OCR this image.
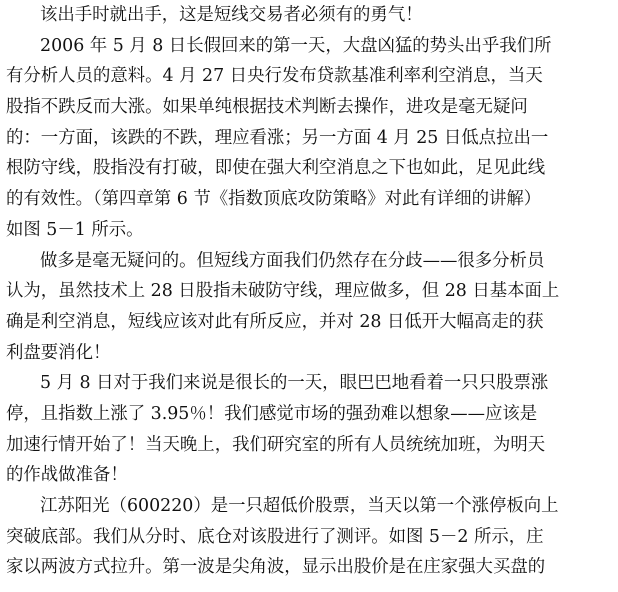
该出手时就出手，这是短线交易者必须有的勇气！
2006 年 5 月 8 日长假回来的第一天，大盘凶猛的势头出乎我们所
有分析人员的意料。4 月 27 日央行发布贷款基准利率利空消息，当天
股指不跌反而大涨。如果单纯根据技术判断去操作，进攻是毫无疑问
的：一方面，该跌的不跌，理应看涨；另一方面 4 月 25 日低点拉出一
根防守线，股指没有打破，即使在强大利空消息之下也如此，足见此线
的有效性。（第四章第 6 节《指数顶底攻防策略》对此有详细的讲解）
如图 5－1 所示。
做多是毫无疑问的。但短线方面我们仍然存在分歧——很多分析员
认为，虽然技术上 28 日股指未破防守线，理应做多，但 28 日基本面上
确是利空消息，短线应该对此有所反应，并对 28 日低开大幅高走的获
利盘要消化！
5 月 8 日对于我们来说是很长的一天，眼巴巴地看着一只只股票涨
停，且指数上涨了 3.95％！我们感觉市场的强劲难以想象——应该是
加速行情开始了！当天晚上，我们研究室的所有人员统统加班，为明天
的作战做准备！
江苏阳光（600220）是一只超低价股票，当天以第一个涨停板向上
突破底部。我们从分时、底仓对该股进行了测评。如图 5－2 所示，庄
家以两波方式拉升。第一波是尖角波，显示出股价是在庄家强大买盘的
